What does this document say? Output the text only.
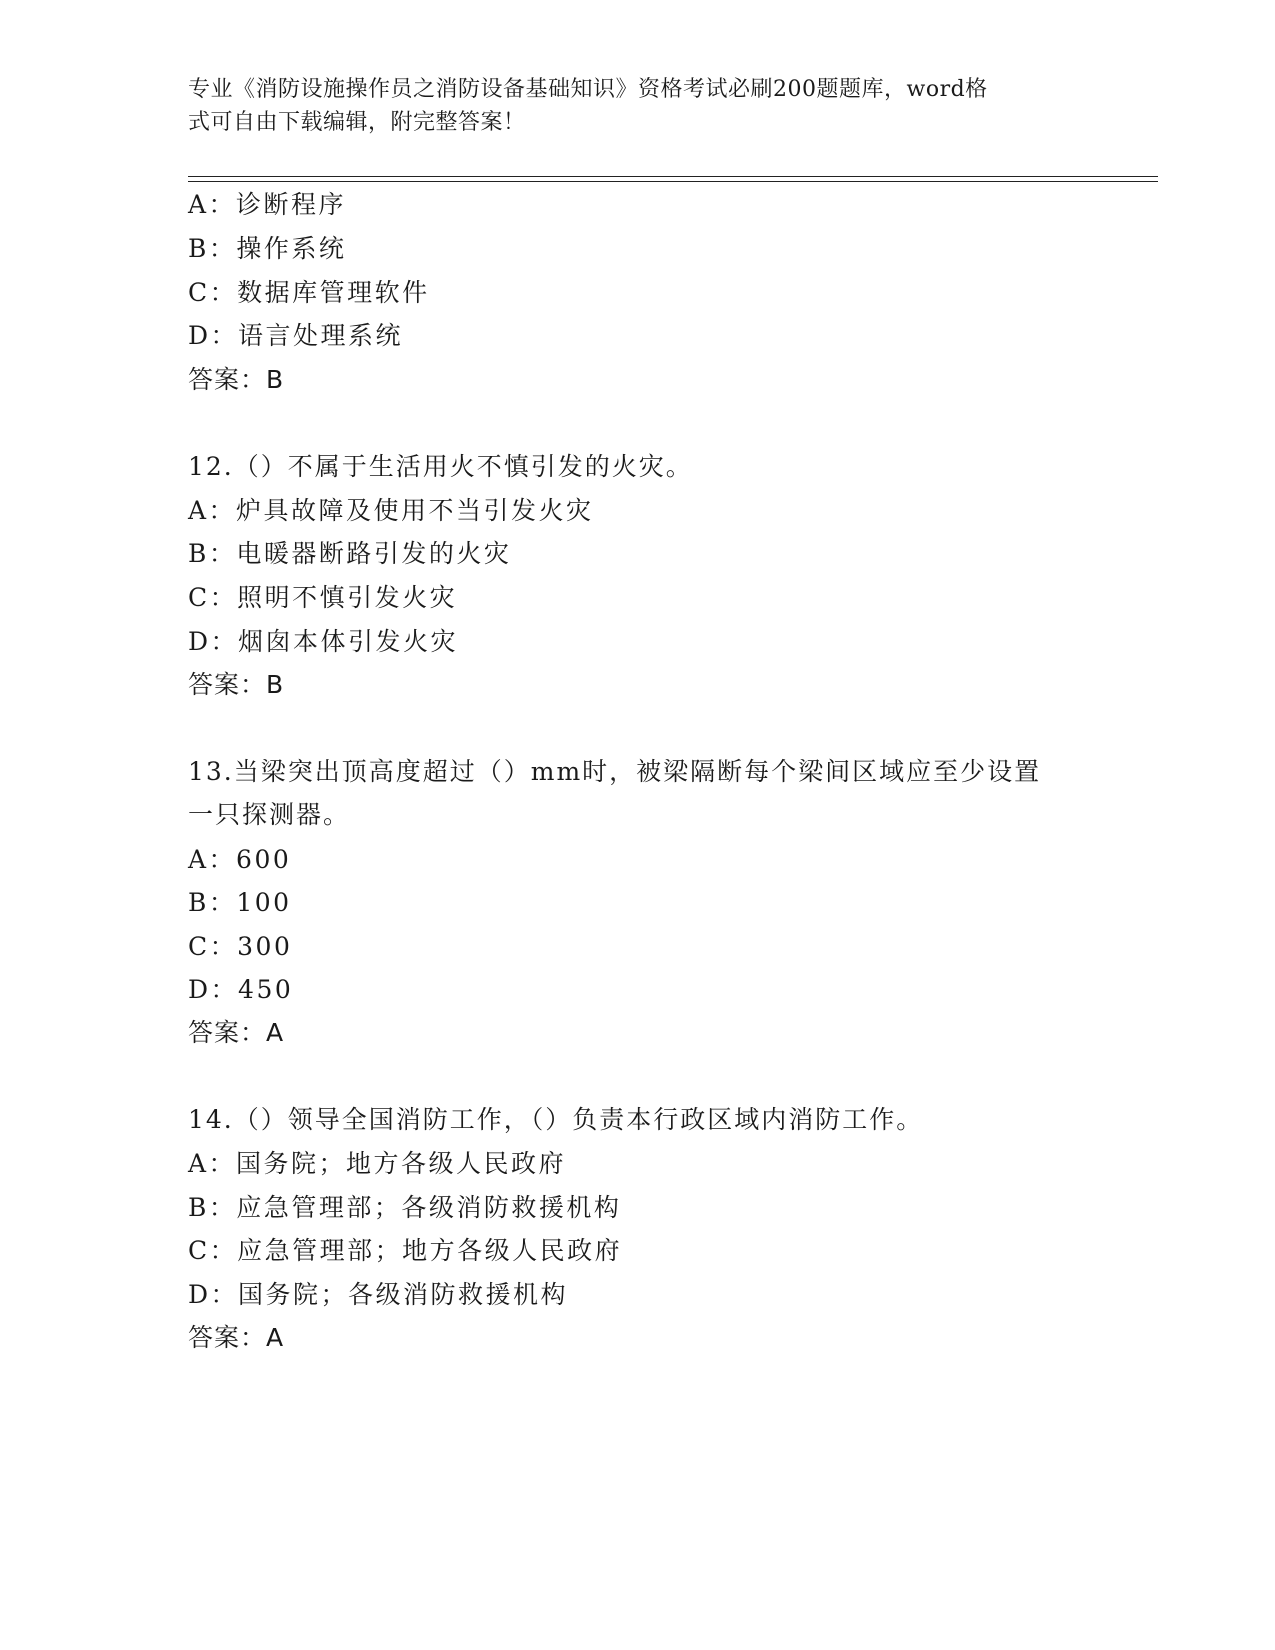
专业《消防设施操作员之消防设备基础知识》资格考试必刷200题题库，word格
式可自由下载编辑，附完整答案！
A：诊断程序
B：操作系统
C：数据库管理软件
D：语言处理系统
答案：B
12.（）不属于生活用火不慎引发的火灾。
A：炉具故障及使用不当引发火灾
B：电暖器断路引发的火灾
C：照明不慎引发火灾
D：烟囱本体引发火灾
答案：B
13.当梁突出顶高度超过（）mm时，被梁隔断每个梁间区域应至少设置
一只探测器。
A：600
B：100
C：300
D：450
答案：A
14.（）领导全国消防工作，（）负责本行政区域内消防工作。
A：国务院；地方各级人民政府
B：应急管理部；各级消防救援机构
C：应急管理部；地方各级人民政府
D：国务院；各级消防救援机构
答案：A
